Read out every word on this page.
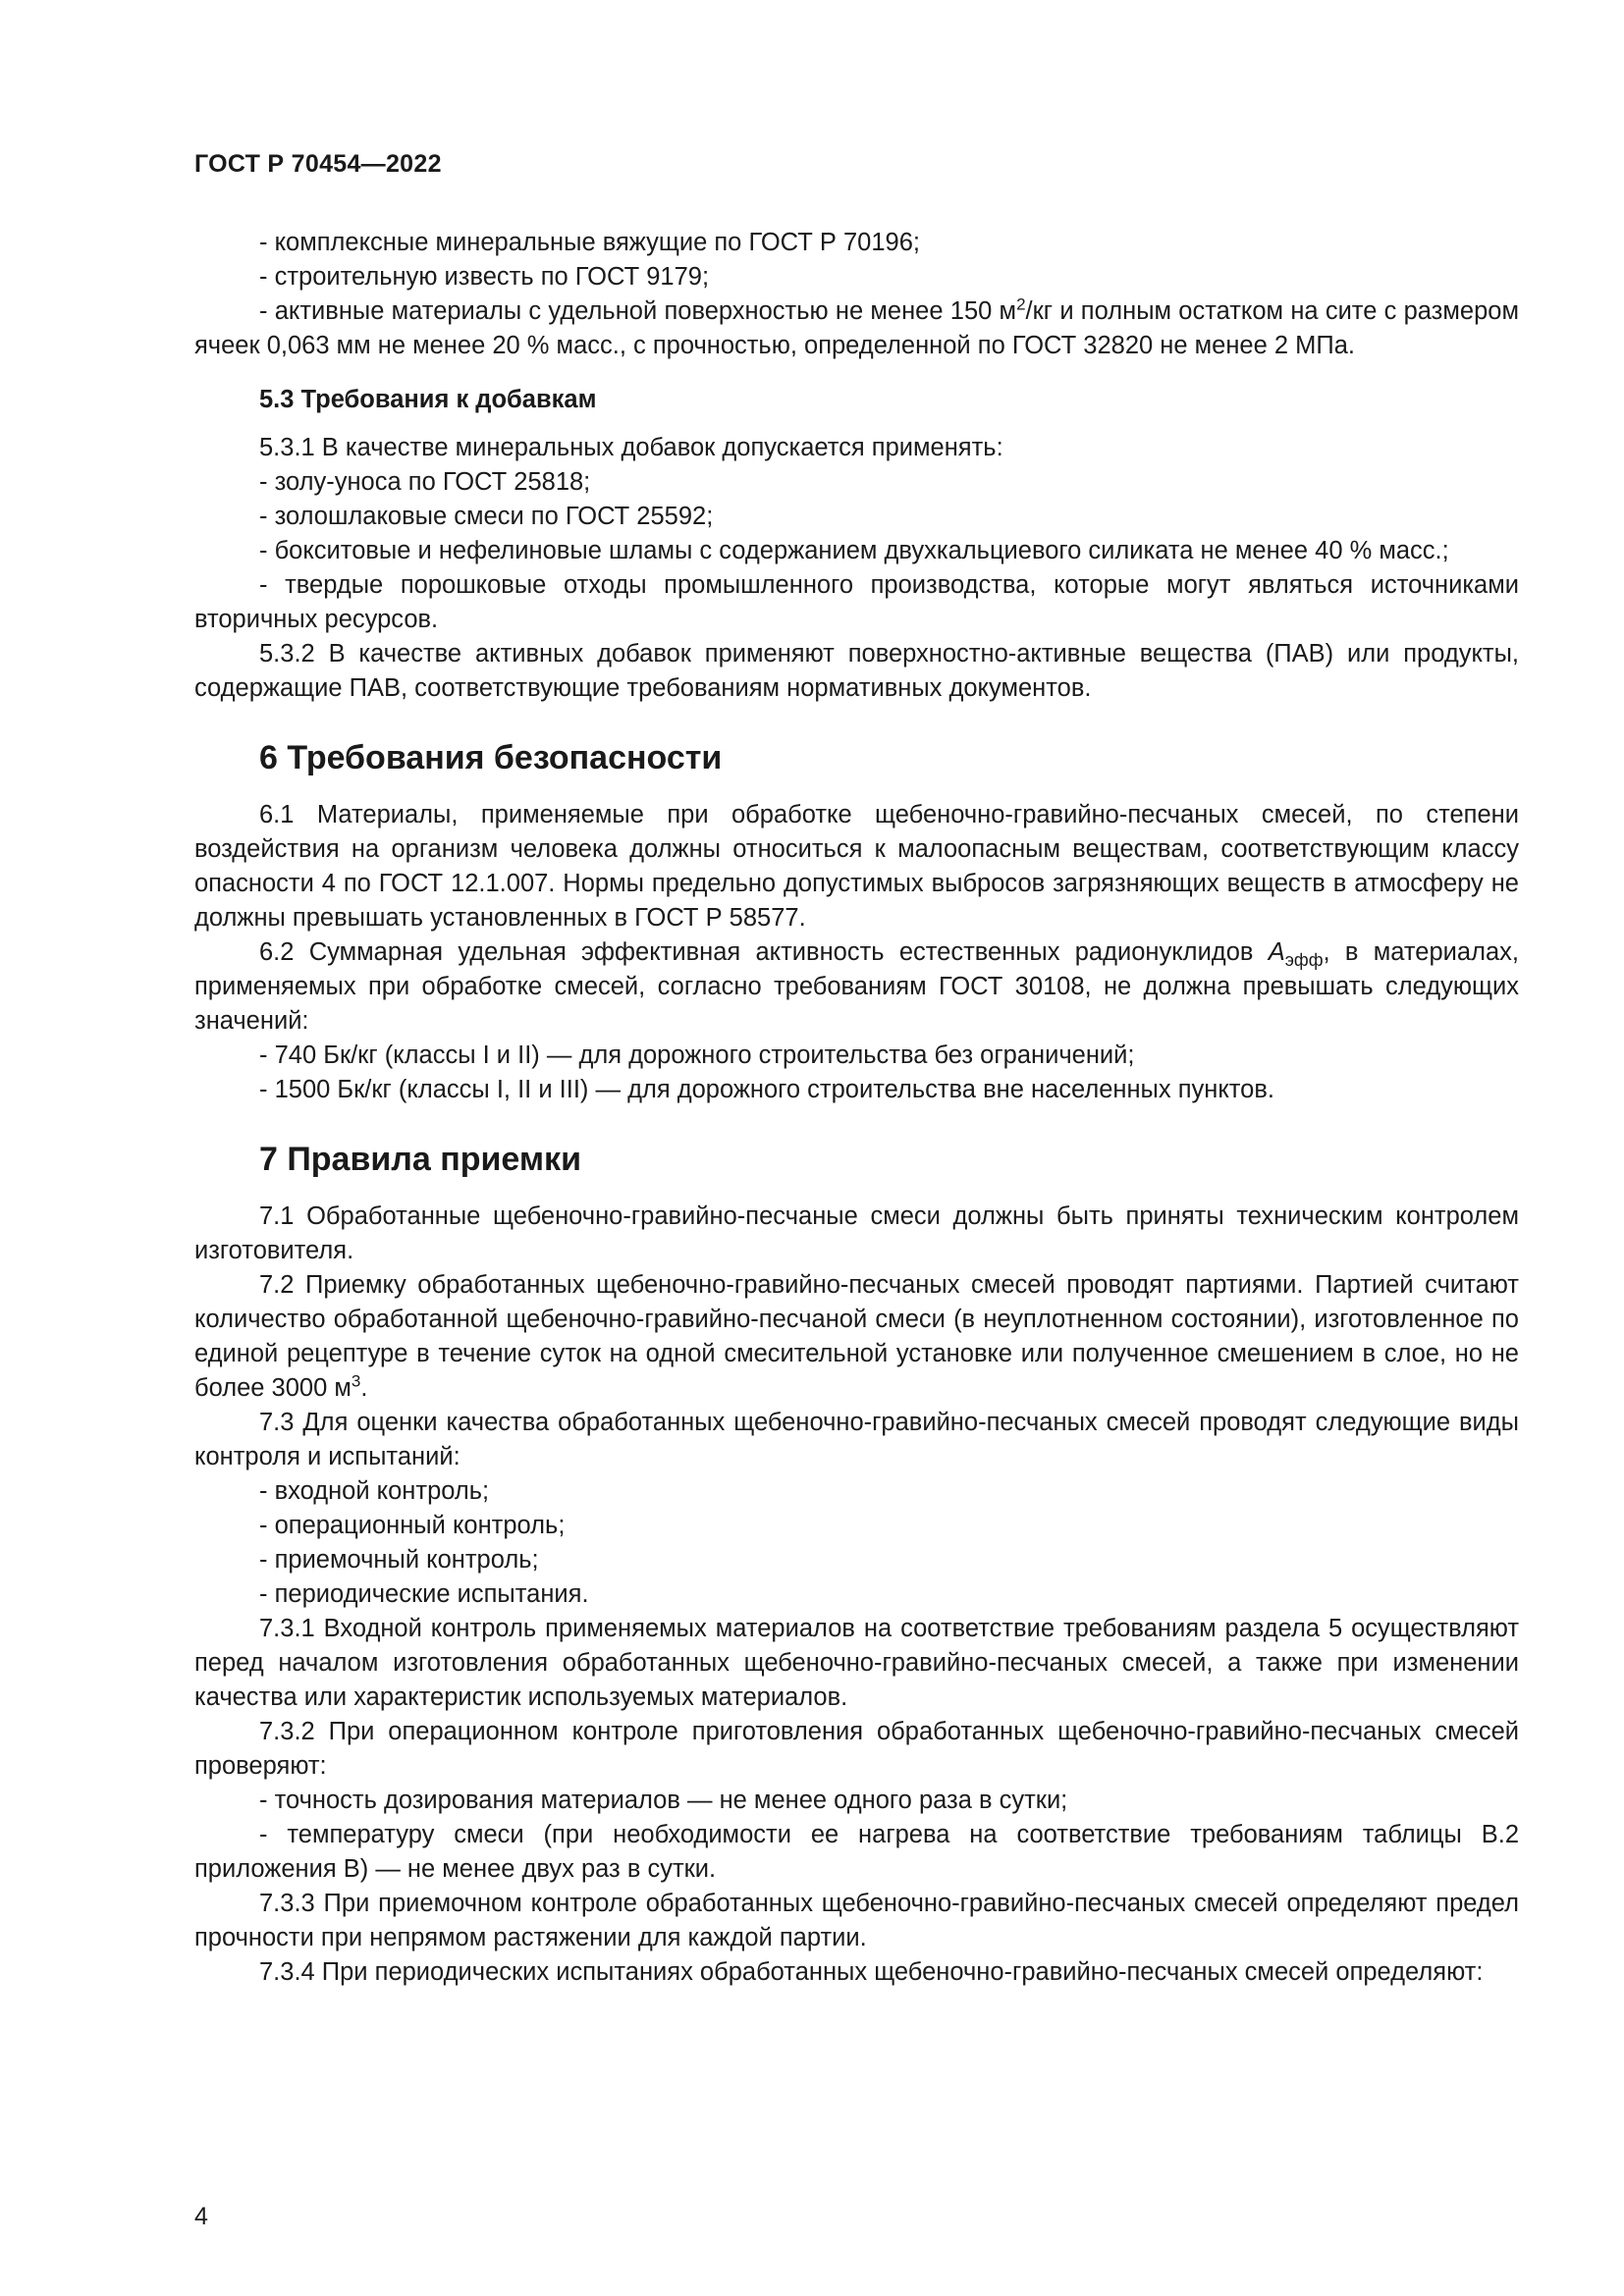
ГОСТ Р 70454—2022

- комплексные минеральные вяжущие по ГОСТ Р 70196;

- строительную известь по ГОСТ 9179;

- активные материалы с удельной поверхностью не менее 150 $м^2/кг$ и полным остатком на сите с размером ячеек 0,063 мм не менее 20 % масс., с прочностью, определенной по ГОСТ 32820 не менее 2 МПа.

5.3 Требования к добавкам

5.3.1 В качестве минеральных добавок допускается применять:

- золу-уноса по ГОСТ 25818;

- золошлаковые смеси по ГОСТ 25592;

- бокситовые и нефелиновые шламы с содержанием двухкальциевого силиката не менее 40 % масс.;

- твердые порошковые отходы промышленного производства, которые могут являться источниками вторичных ресурсов.

5.3.2 В качестве активных добавок применяют поверхностно-активные вещества (ПАВ) или продукты, содержащие ПАВ, соответствующие требованиям нормативных документов.

6 Требования безопасности

6.1 Материалы, применяемые при обработке щебеночно-гравийно-песчаных смесей, по степени воздействия на организм человека должны относиться к малоопасным веществам, соответствующим классу опасности 4 по ГОСТ 12.1.007. Нормы предельно допустимых выбросов загрязняющих веществ в атмосферу не должны превышать установленных в ГОСТ Р 58577.

6.2 Суммарная удельная эффективная активность естественных радионуклидов $A_{эфф}$, в материалах, применяемых при обработке смесей, согласно требованиям ГОСТ 30108, не должна превышать следующих значений:

- 740 Бк/кг (классы I и II) — для дорожного строительства без ограничений;

- 1500 Бк/кг (классы I, II и III) — для дорожного строительства вне населенных пунктов.

7 Правила приемки

7.1 Обработанные щебеночно-гравийно-песчаные смеси должны быть приняты техническим контролем изготовителя.

7.2 Приемку обработанных щебеночно-гравийно-песчаных смесей проводят партиями. Партией считают количество обработанной щебеночно-гравийно-песчаной смеси (в неуплотненном состоянии), изготовленное по единой рецептуре в течение суток на одной смесительной установке или полученное смешением в слое, но не более 3000 $м^3$.

7.3 Для оценки качества обработанных щебеночно-гравийно-песчаных смесей проводят следующие виды контроля и испытаний:

- входной контроль;

- операционный контроль;

- приемочный контроль;

- периодические испытания.

7.3.1 Входной контроль применяемых материалов на соответствие требованиям раздела 5 осуществляют перед началом изготовления обработанных щебеночно-гравийно-песчаных смесей, а также при изменении качества или характеристик используемых материалов.

7.3.2 При операционном контроле приготовления обработанных щебеночно-гравийно-песчаных смесей проверяют:

- точность дозирования материалов — не менее одного раза в сутки;

- температуру смеси (при необходимости ее нагрева на соответствие требованиям таблицы В.2 приложения В) — не менее двух раз в сутки.

7.3.3 При приемочном контроле обработанных щебеночно-гравийно-песчаных смесей определяют предел прочности при непрямом растяжении для каждой партии.

7.3.4 При периодических испытаниях обработанных щебеночно-гравийно-песчаных смесей определяют:

4
